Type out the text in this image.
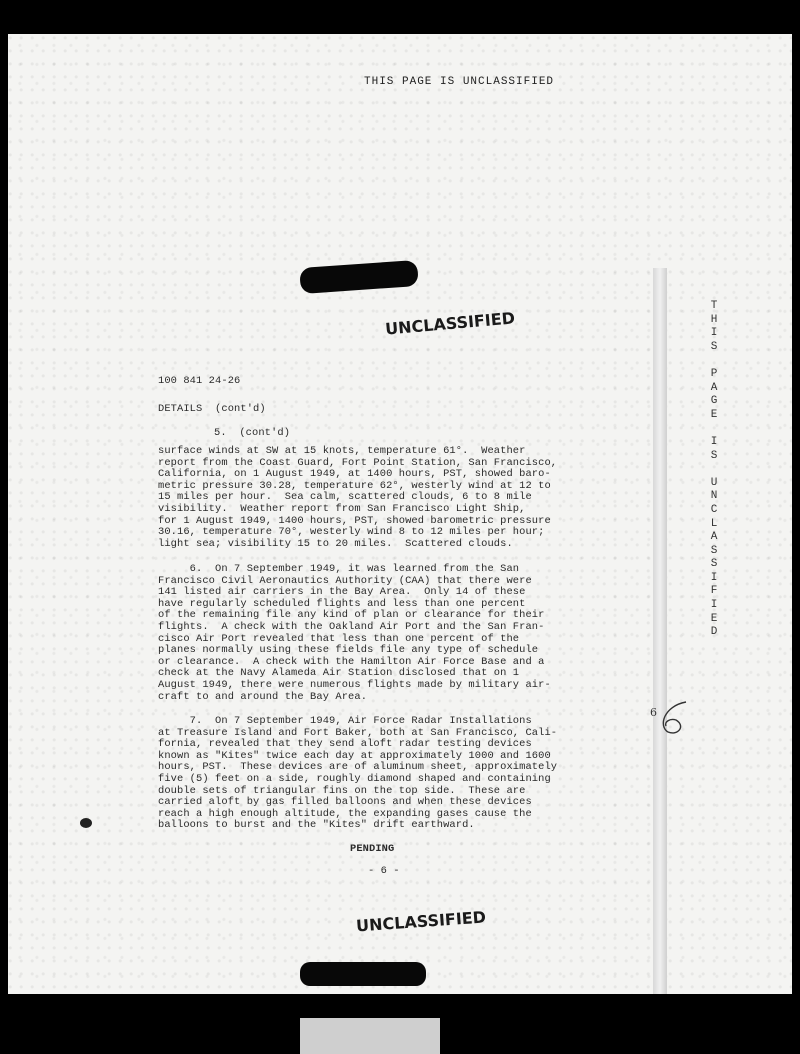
THIS PAGE IS UNCLASSIFIED
UNCLASSIFIED
T
H
I
S

P
A
G
E

I
S

U
N
C
L
A
S
S
I
F
I
E
D
100 841 24-26
DETAILS  (cont'd)
5.  (cont'd)
surface winds at SW at 15 knots, temperature 61°.  Weather
report from the Coast Guard, Fort Point Station, San Francisco,
California, on 1 August 1949, at 1400 hours, PST, showed baro-
metric pressure 30.28, temperature 62°, westerly wind at 12 to
15 miles per hour.  Sea calm, scattered clouds, 6 to 8 mile
visibility.  Weather report from San Francisco Light Ship,
for 1 August 1949, 1400 hours, PST, showed barometric pressure
30.16, temperature 70°, westerly wind 8 to 12 miles per hour;
light sea; visibility 15 to 20 miles.  Scattered clouds.
6.  On 7 September 1949, it was learned from the San
Francisco Civil Aeronautics Authority (CAA) that there were
141 listed air carriers in the Bay Area.  Only 14 of these
have regularly scheduled flights and less than one percent
of the remaining file any kind of plan or clearance for their
flights.  A check with the Oakland Air Port and the San Fran-
cisco Air Port revealed that less than one percent of the
planes normally using these fields file any type of schedule
or clearance.  A check with the Hamilton Air Force Base and a
check at the Navy Alameda Air Station disclosed that on 1
August 1949, there were numerous flights made by military air-
craft to and around the Bay Area.
7.  On 7 September 1949, Air Force Radar Installations
at Treasure Island and Fort Baker, both at San Francisco, Cali-
fornia, revealed that they send aloft radar testing devices
known as "Kites" twice each day at approximately 1000 and 1600
hours, PST.  These devices are of aluminum sheet, approximately
five (5) feet on a side, roughly diamond shaped and containing
double sets of triangular fins on the top side.  These are
carried aloft by gas filled balloons and when these devices
reach a high enough altitude, the expanding gases cause the
balloons to burst and the "Kites" drift earthward.
6
PENDING
- 6 -
UNCLASSIFIED
